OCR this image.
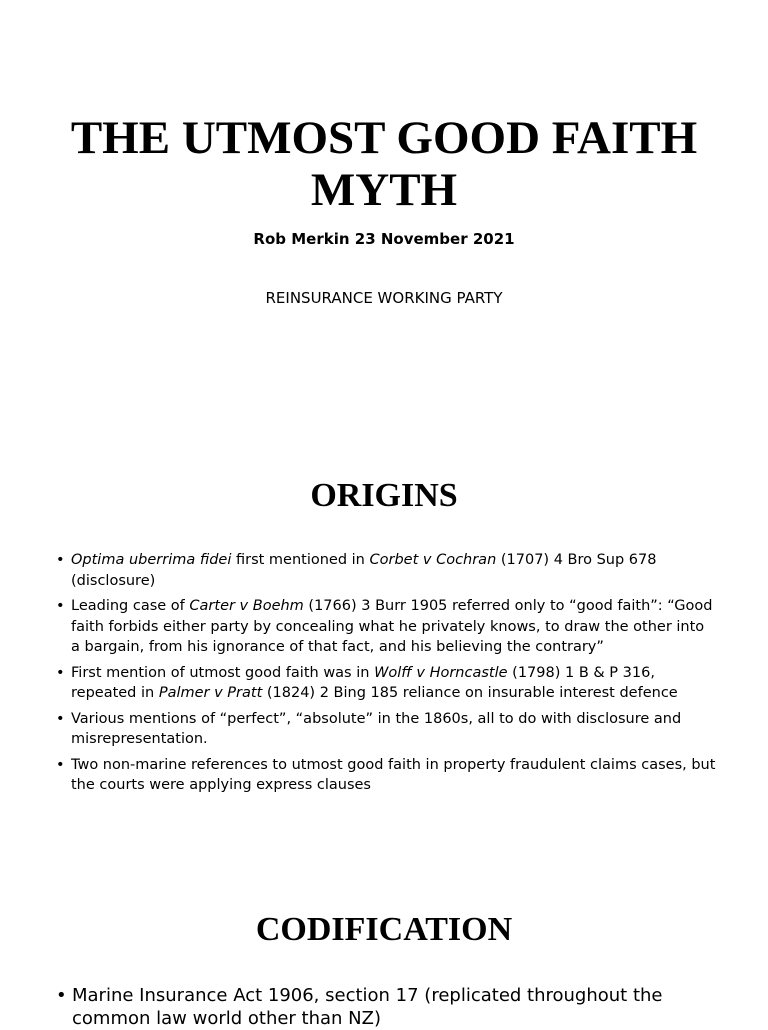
THE UTMOST GOOD FAITH MYTH
Rob Merkin 23 November 2021
REINSURANCE WORKING PARTY
ORIGINS
• Optima uberrima fidei first mentioned in Corbet v Cochran (1707) 4 Bro Sup 678 (disclosure)
• Leading case of Carter v Boehm (1766) 3 Burr 1905 referred only to “good faith”: “Good faith forbids either party by concealing what he privately knows, to draw the other into a bargain, from his ignorance of that fact, and his believing the contrary”
• First mention of utmost good faith was in Wolff v Horncastle (1798) 1 B & P 316, repeated in Palmer v Pratt (1824) 2 Bing 185 reliance on insurable interest defence
• Various mentions of “perfect”, “absolute” in the 1860s, all to do with disclosure and misrepresentation.
• Two non-marine references to utmost good faith in property fraudulent claims cases, but the courts were applying express clauses
CODIFICATION
• Marine Insurance Act 1906, section 17 (replicated throughout the common law world other than NZ)
